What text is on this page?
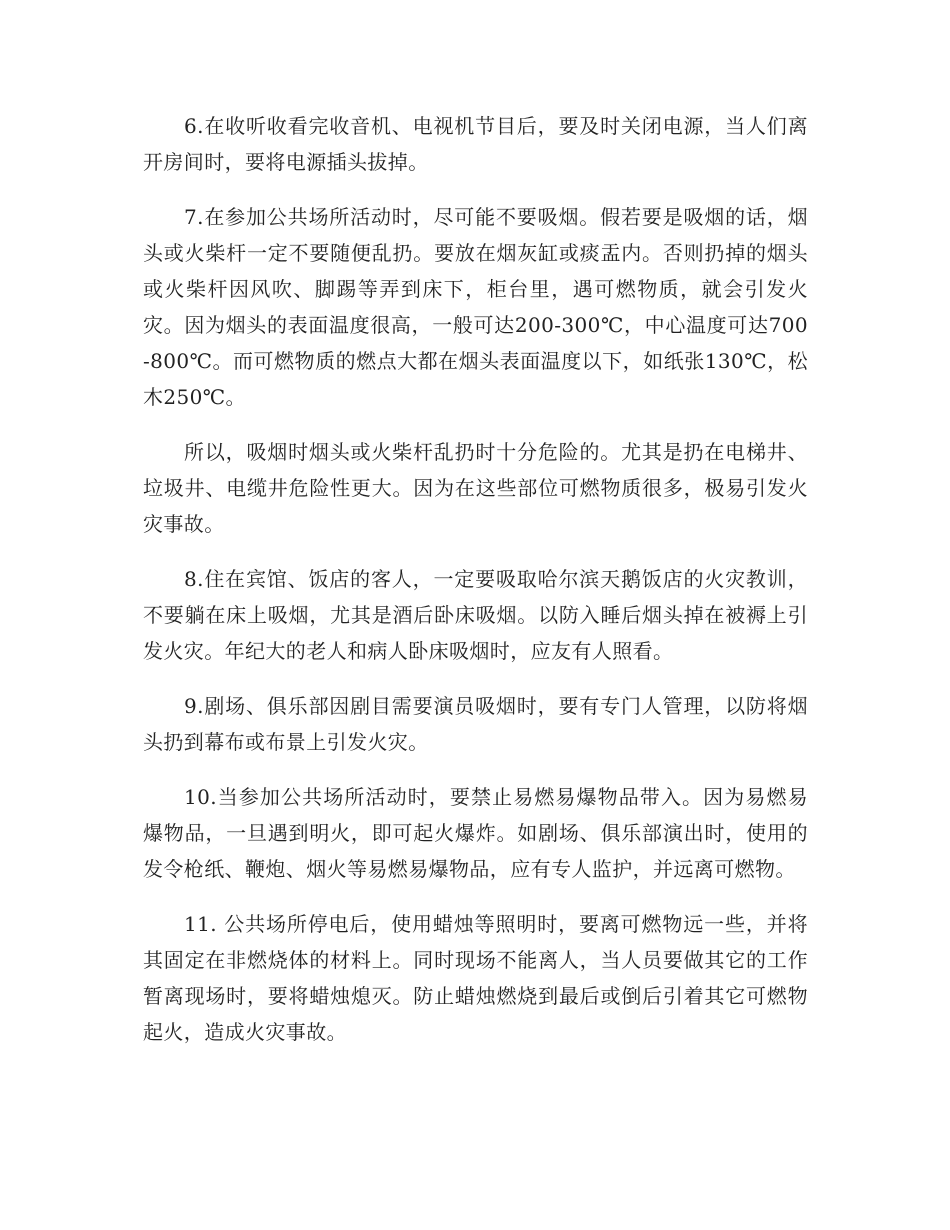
6.在收听收看完收音机、电视机节目后，要及时关闭电源，当人们离开房间时，要将电源插头拔掉。

7.在参加公共场所活动时，尽可能不要吸烟。假若要是吸烟的话，烟头或火柴杆一定不要随便乱扔。要放在烟灰缸或痰盂内。否则扔掉的烟头或火柴杆因风吹、脚踢等弄到床下，柜台里，遇可燃物质，就会引发火灾。因为烟头的表面温度很高，一般可达200-300℃，中心温度可达700-800℃。而可燃物质的燃点大都在烟头表面温度以下，如纸张130℃，松木250℃。

所以，吸烟时烟头或火柴杆乱扔时十分危险的。尤其是扔在电梯井、垃圾井、电缆井危险性更大。因为在这些部位可燃物质很多，极易引发火灾事故。

8.住在宾馆、饭店的客人，一定要吸取哈尔滨天鹅饭店的火灾教训，不要躺在床上吸烟，尤其是酒后卧床吸烟。以防入睡后烟头掉在被褥上引发火灾。年纪大的老人和病人卧床吸烟时，应友有人照看。

9.剧场、俱乐部因剧目需要演员吸烟时，要有专门人管理，以防将烟头扔到幕布或布景上引发火灾。

10.当参加公共场所活动时，要禁止易燃易爆物品带入。因为易燃易爆物品，一旦遇到明火，即可起火爆炸。如剧场、俱乐部演出时，使用的发令枪纸、鞭炮、烟火等易燃易爆物品，应有专人监护，并远离可燃物。

11. 公共场所停电后，使用蜡烛等照明时，要离可燃物远一些，并将其固定在非燃烧体的材料上。同时现场不能离人，当人员要做其它的工作暂离现场时，要将蜡烛熄灭。防止蜡烛燃烧到最后或倒后引着其它可燃物起火，造成火灾事故。
